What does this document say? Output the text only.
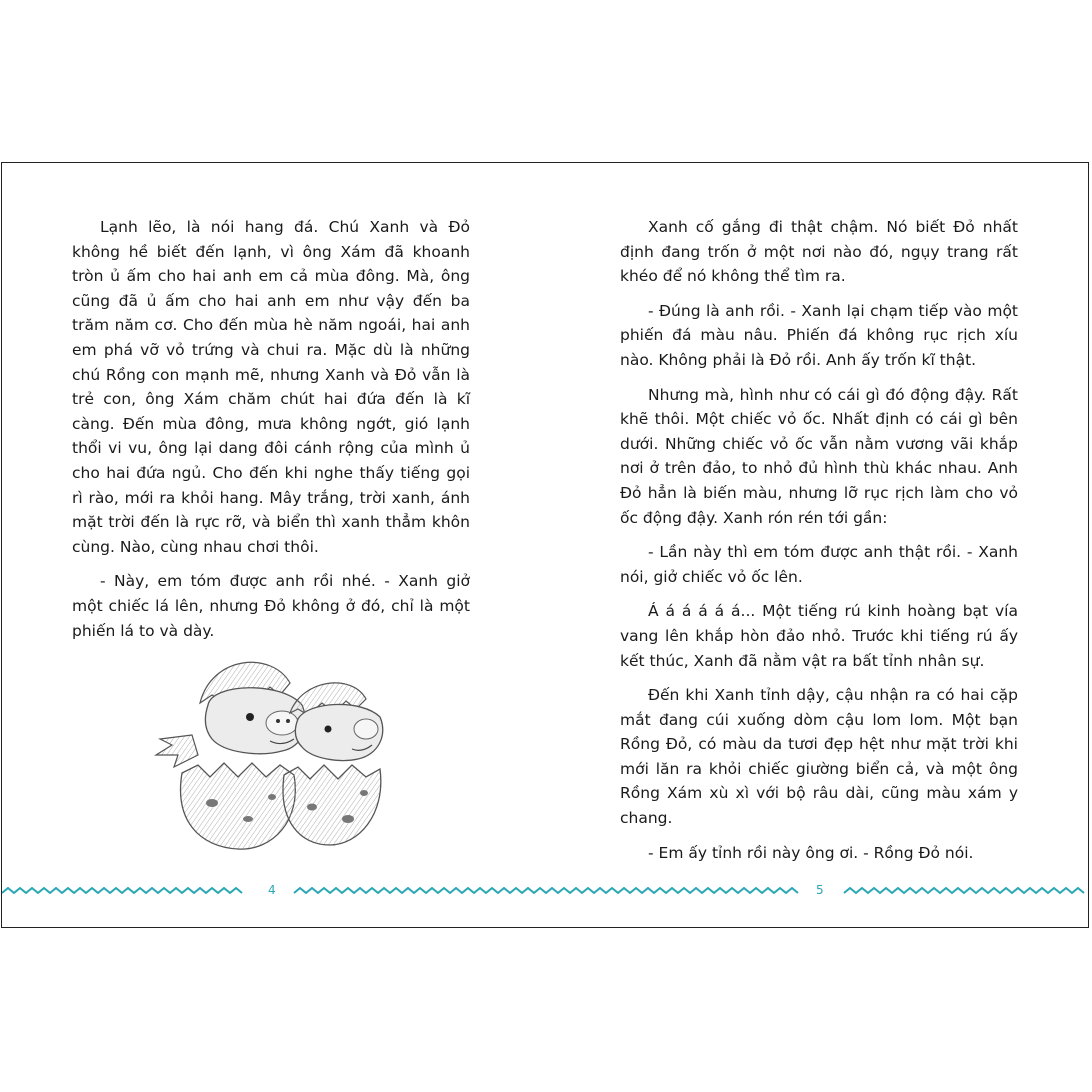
Lạnh lẽo, là nói hang đá. Chú Xanh và Đỏ không hề biết đến lạnh, vì ông Xám đã khoanh tròn ủ ấm cho hai anh em cả mùa đông. Mà, ông cũng đã ủ ấm cho hai anh em như vậy đến ba trăm năm cơ. Cho đến mùa hè năm ngoái, hai anh em phá vỡ vỏ trứng và chui ra. Mặc dù là những chú Rồng con mạnh mẽ, nhưng Xanh và Đỏ vẫn là trẻ con, ông Xám chăm chút hai đứa đến là kĩ càng. Đến mùa đông, mưa không ngớt, gió lạnh thổi vi vu, ông lại dang đôi cánh rộng của mình ủ cho hai đứa ngủ. Cho đến khi nghe thấy tiếng gọi rì rào, mới ra khỏi hang. Mây trắng, trời xanh, ánh mặt trời đến là rực rỡ, và biển thì xanh thẳm khôn cùng. Nào, cùng nhau chơi thôi.

- Này, em tóm được anh rồi nhé. - Xanh giở một chiếc lá lên, nhưng Đỏ không ở đó, chỉ là một phiến lá to và dày.

Xanh cố gắng đi thật chậm. Nó biết Đỏ nhất định đang trốn ở một nơi nào đó, ngụy trang rất khéo để nó không thể tìm ra.

- Đúng là anh rồi. - Xanh lại chạm tiếp vào một phiến đá màu nâu. Phiến đá không rục rịch xíu nào. Không phải là Đỏ rồi. Anh ấy trốn kĩ thật.

Nhưng mà, hình như có cái gì đó động đậy. Rất khẽ thôi. Một chiếc vỏ ốc. Nhất định có cái gì bên dưới. Những chiếc vỏ ốc vẫn nằm vương vãi khắp nơi ở trên đảo, to nhỏ đủ hình thù khác nhau. Anh Đỏ hẳn là biến màu, nhưng lỡ rục rịch làm cho vỏ ốc động đậy. Xanh rón rén tới gần:

- Lần này thì em tóm được anh thật rồi. - Xanh nói, giở chiếc vỏ ốc lên.

Á á á á á á... Một tiếng rú kinh hoàng bạt vía vang lên khắp hòn đảo nhỏ. Trước khi tiếng rú ấy kết thúc, Xanh đã nằm vật ra bất tỉnh nhân sự.

Đến khi Xanh tỉnh dậy, cậu nhận ra có hai cặp mắt đang cúi xuống dòm cậu lom lom. Một bạn Rồng Đỏ, có màu da tươi đẹp hệt như mặt trời khi mới lăn ra khỏi chiếc giường biển cả, và một ông Rồng Xám xù xì với bộ râu dài, cũng màu xám y chang.

- Em ấy tỉnh rồi này ông ơi. - Rồng Đỏ nói.

4	5
